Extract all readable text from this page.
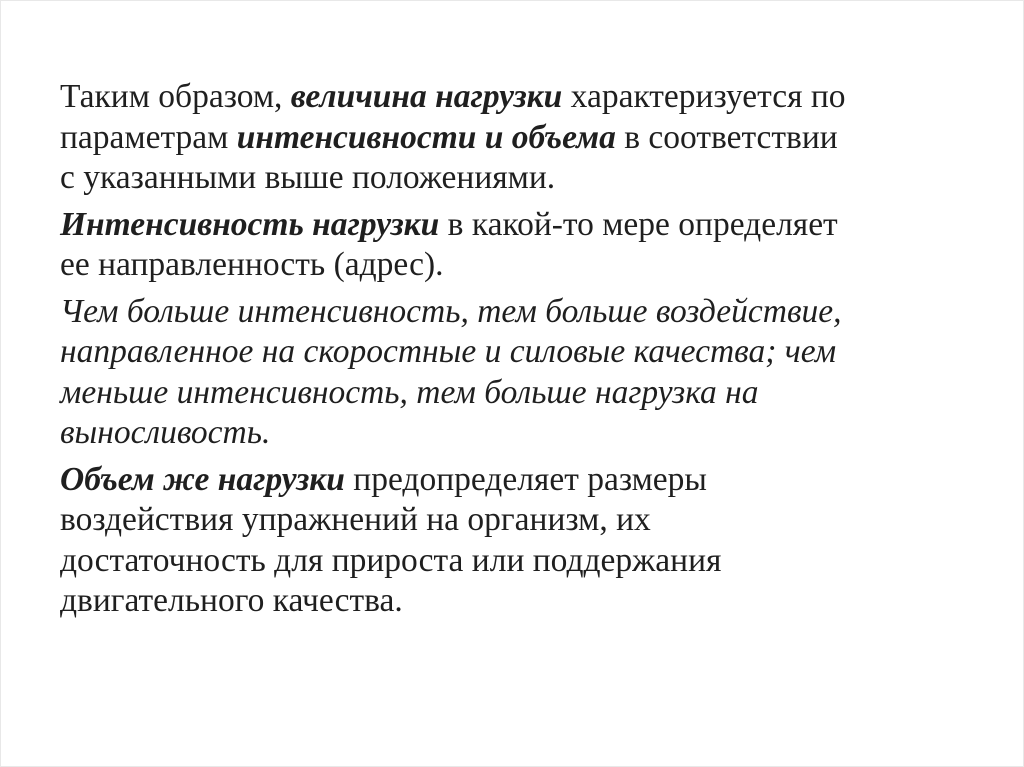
Таким образом, величина нагрузки характеризуется по
параметрам интенсивности и объема в соответствии
с указанными выше положениями.

Интенсивность нагрузки в какой-то мере определяет
ее направленность (адрес).

Чем больше интенсивность, тем больше воздействие,
направленное на скоростные и силовые качества; чем
меньше интенсивность, тем больше нагрузка на
выносливость.

Объем же нагрузки предопределяет размеры
воздействия упражнений на организм, их
достаточность для прироста или поддержания
двигательного качества.
